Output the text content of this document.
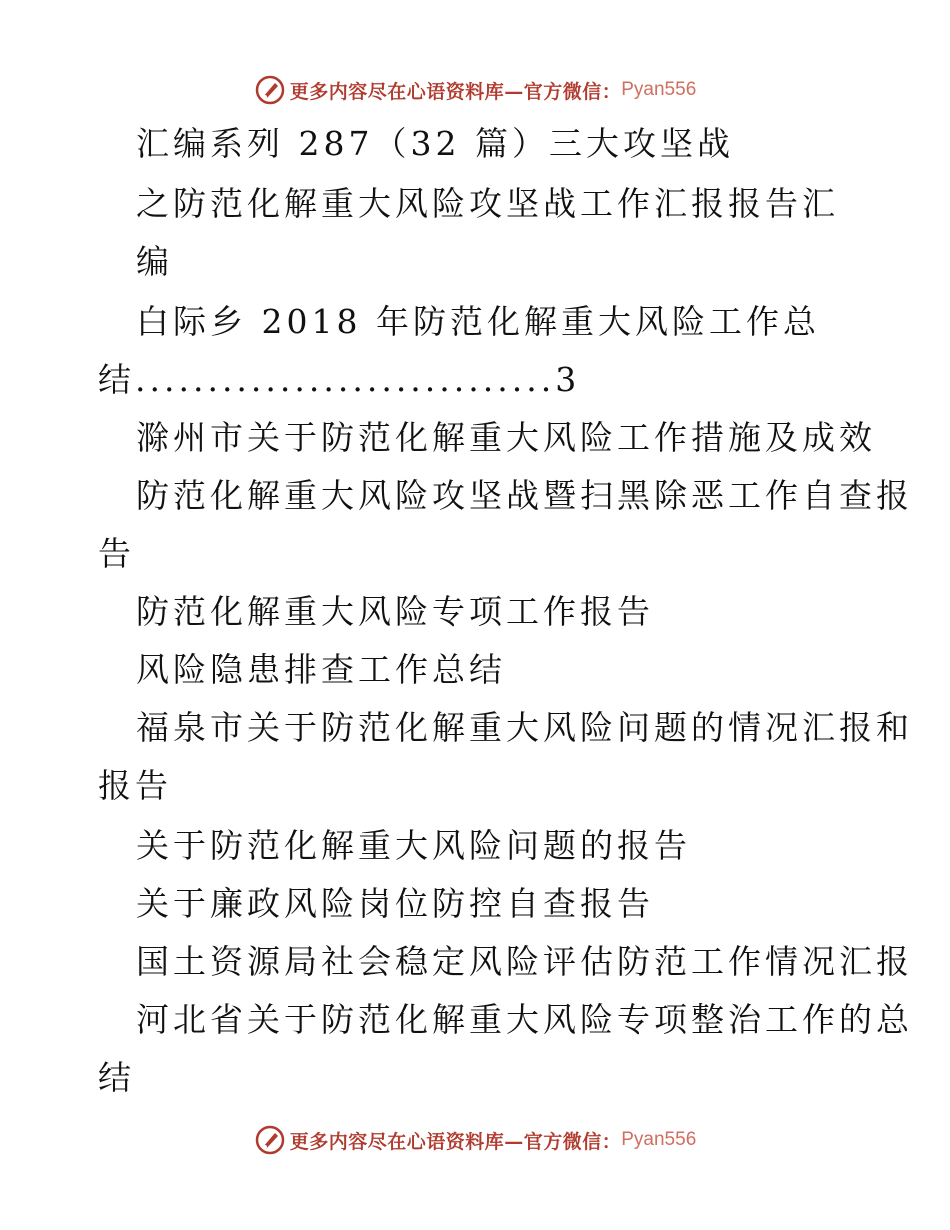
更多内容尽在心语资料库—官方微信： Pyan556
汇编系列 287（32 篇）三大攻坚战
之防范化解重大风险攻坚战工作汇报报告汇
编
白际乡 2018 年防范化解重大风险工作总
结.............................3
滁州市关于防范化解重大风险工作措施及成效
防范化解重大风险攻坚战暨扫黑除恶工作自查报
告
防范化解重大风险专项工作报告
风险隐患排查工作总结
福泉市关于防范化解重大风险问题的情况汇报和
报告
关于防范化解重大风险问题的报告
关于廉政风险岗位防控自查报告
国土资源局社会稳定风险评估防范工作情况汇报
河北省关于防范化解重大风险专项整治工作的总
结
更多内容尽在心语资料库—官方微信： Pyan556
